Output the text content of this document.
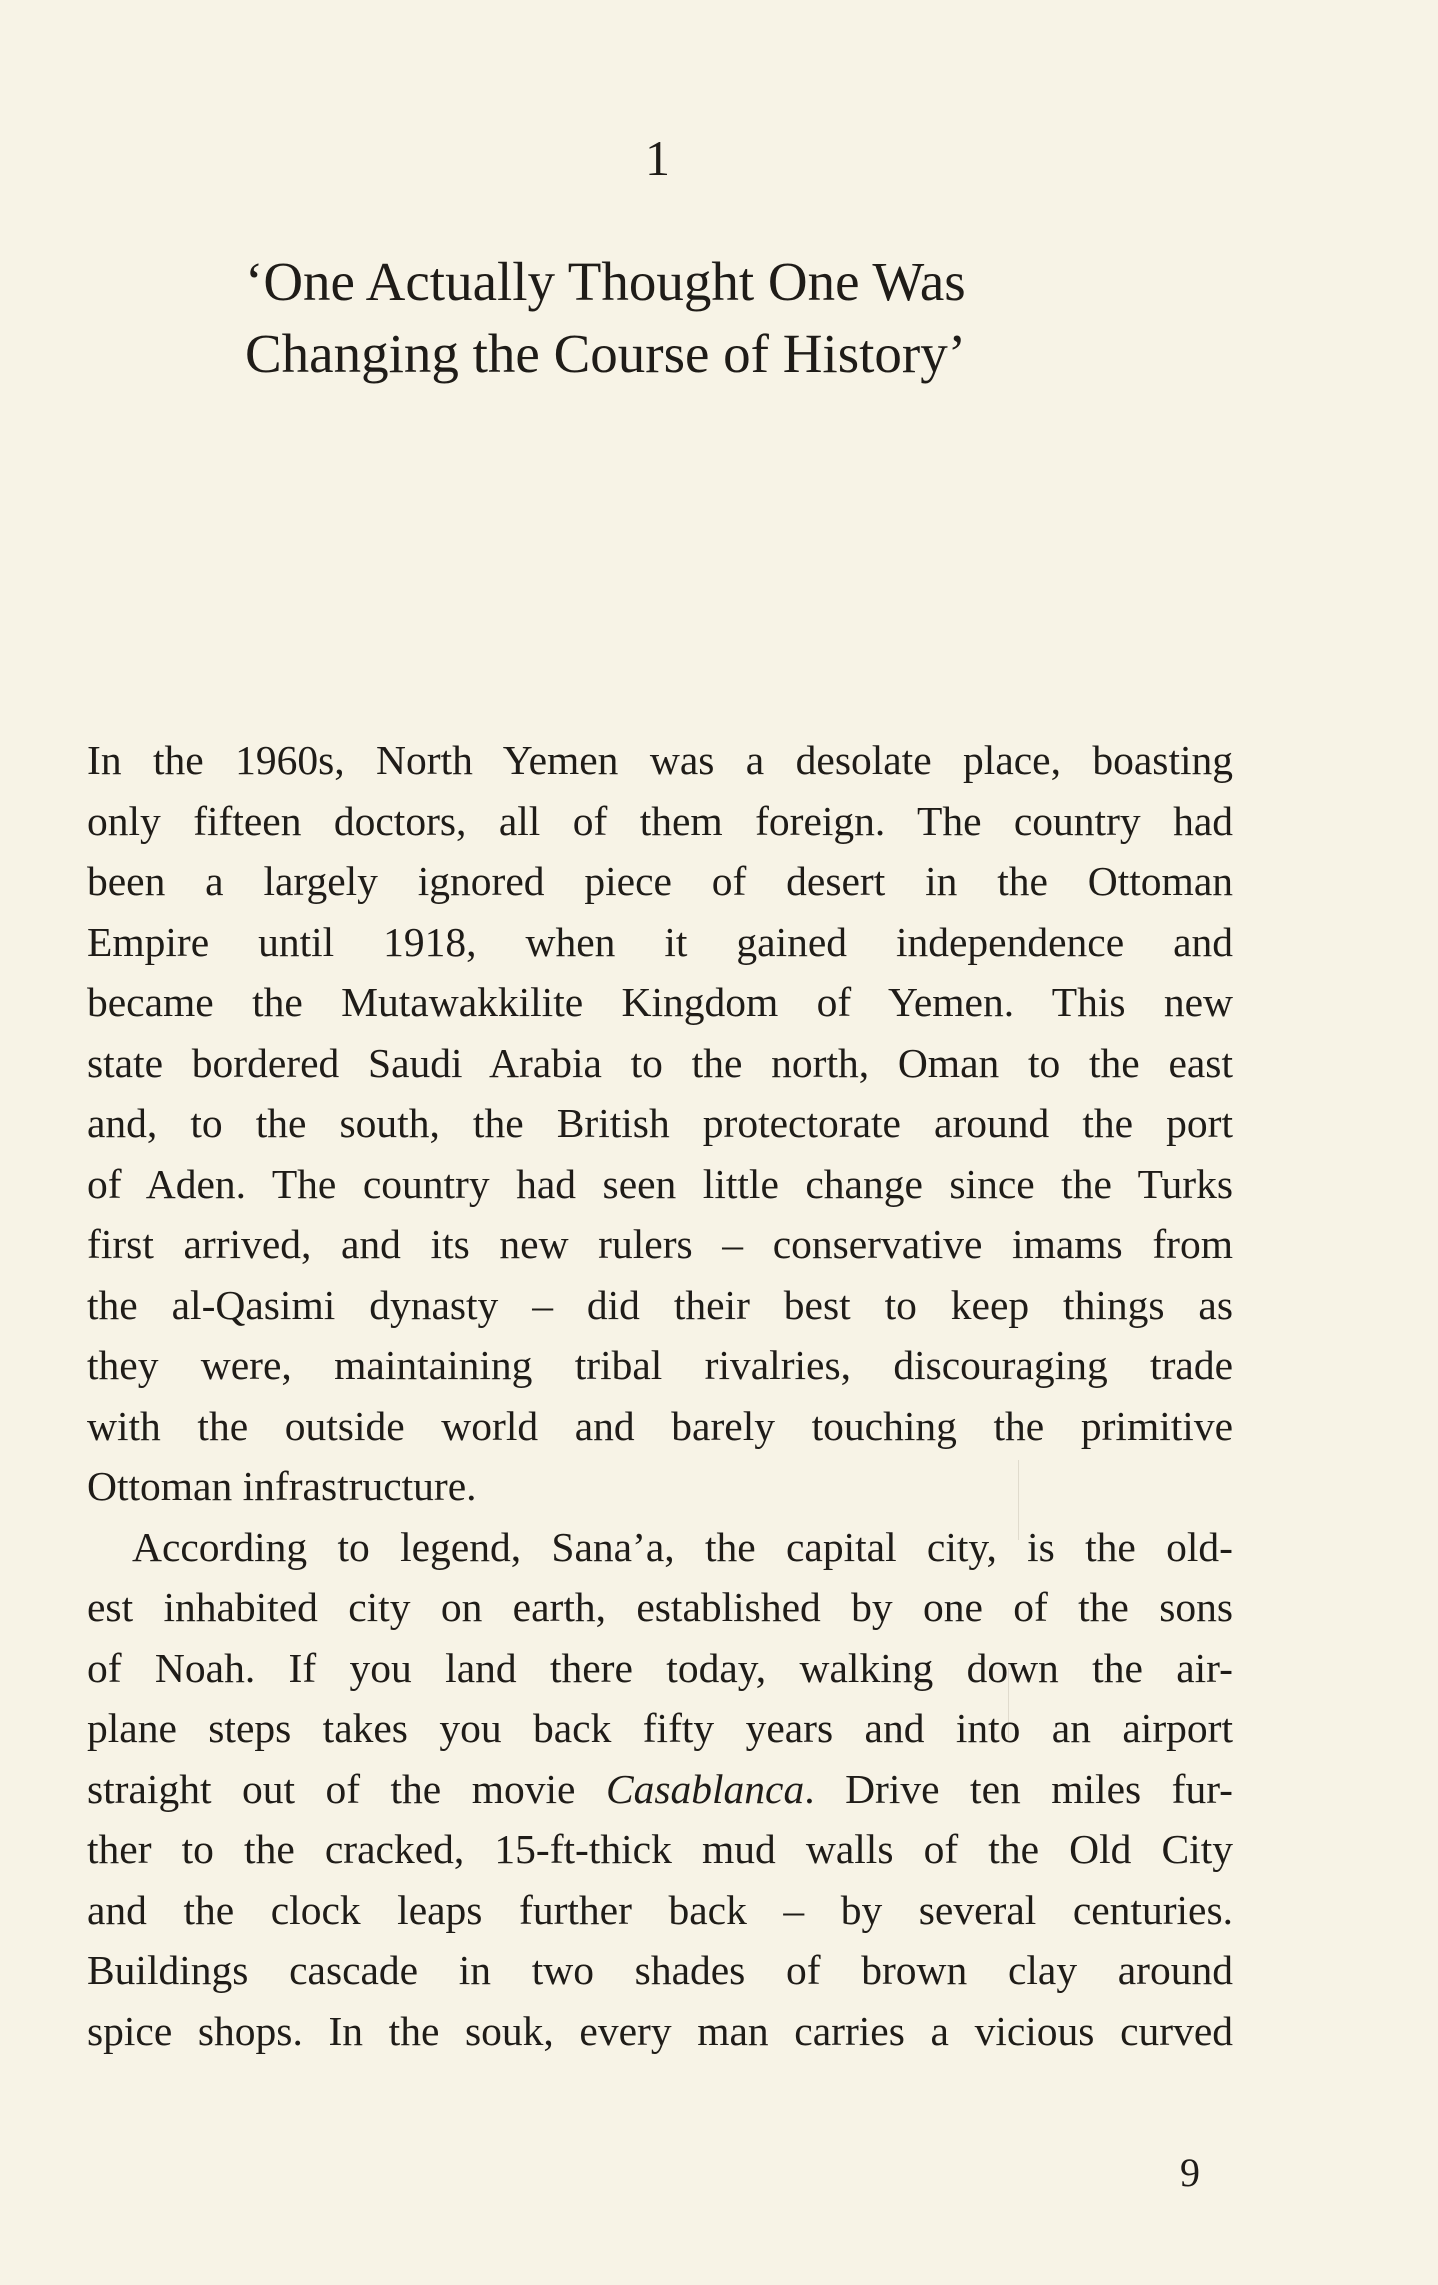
1
‘One Actually Thought One Was
Changing the Course of History’

In the 1960s, North Yemen was a desolate place, boasting
only fifteen doctors, all of them foreign. The country had
been a largely ignored piece of desert in the Ottoman
Empire until 1918, when it gained independence and
became the Mutawakkilite Kingdom of Yemen. This new
state bordered Saudi Arabia to the north, Oman to the east
and, to the south, the British protectorate around the port
of Aden. The country had seen little change since the Turks
first arrived, and its new rulers – conservative imams from
the al-Qasimi dynasty – did their best to keep things as
they were, maintaining tribal rivalries, discouraging trade
with the outside world and barely touching the primitive
Ottoman infrastructure.

According to legend, Sana’a, the capital city, is the old-
est inhabited city on earth, established by one of the sons
of Noah. If you land there today, walking down the air-
plane steps takes you back fifty years and into an airport
straight out of the movie Casablanca. Drive ten miles fur-
ther to the cracked, 15-ft-thick mud walls of the Old City
and the clock leaps further back – by several centuries.
Buildings cascade in two shades of brown clay around
spice shops. In the souk, every man carries a vicious curved

9
